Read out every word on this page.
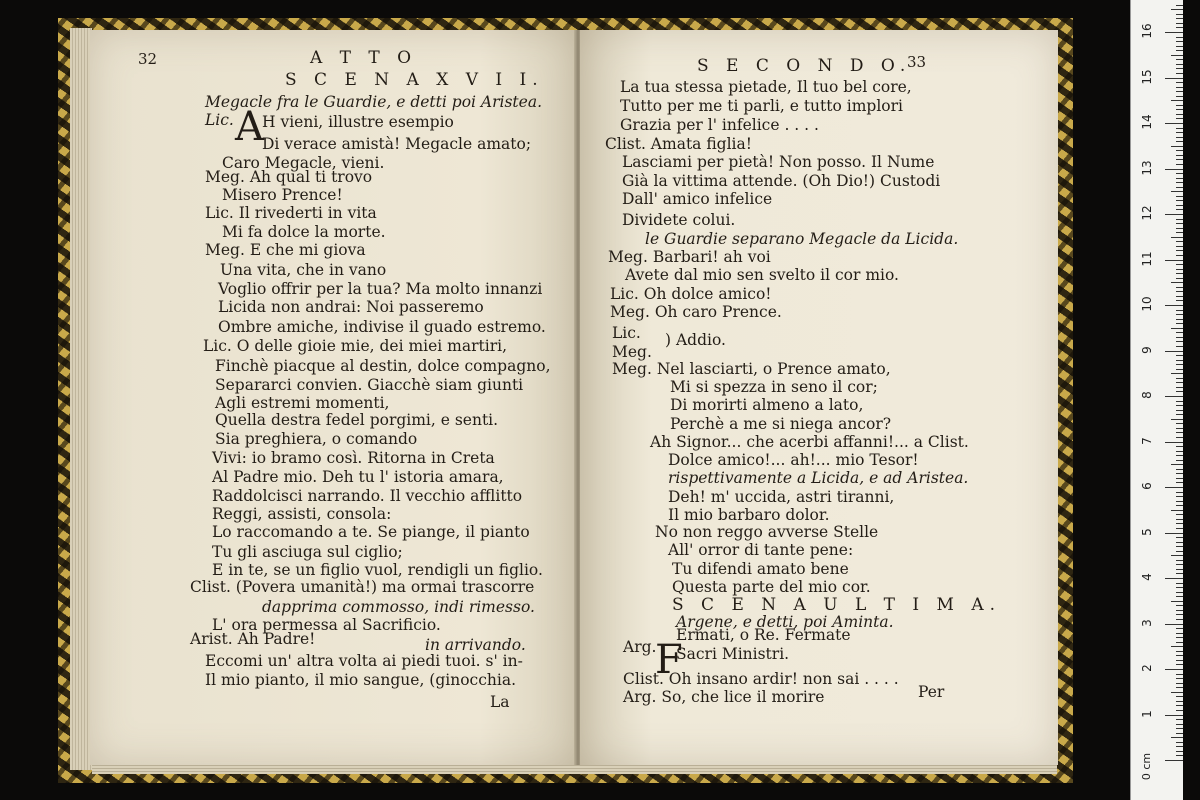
32	A T T O
S C E N A X V I I.
Megacle fra le Guardie, e detti poi Aristea.
Lic. H vieni, illustre esempio
Di verace amistà! Megacle amato;
Caro Megacle, vieni.
Meg. Ah qual ti trovo
Misero Prence!
Lic. Il rivederti in vita
Mi fa dolce la morte.
Meg. E che mi giova
Una vita, che in vano
Voglio offrir per la tua? Ma molto innanzi
Licida non andrai: Noi passeremo
Ombre amiche, indivise il guado estremo.
Lic. O delle gioie mie, dei miei martiri,
Finchè piacque al destin, dolce compagno,
Separarci convien. Giacchè siam giunti
Agli estremi momenti,
Quella destra fedel porgimi, e senti.
Sia preghiera, o comando
Vivi: io bramo così. Ritorna in Creta
Al Padre mio. Deh tu l' istoria amara,
Raddolcisci narrando. Il vecchio afflitto
Reggi, assisti, consola:
Lo raccomando a te. Se piange, il pianto
Tu gli asciuga sul ciglio;
E in te, se un figlio vuol, rendigli un figlio.
Clist. (Povera umanità!) ma ormai trascorre
dapprima commosso, indi rimesso.
L' ora permessa al Sacrificio.
Arist. Ah Padre!	in arrivando.
Eccomi un' altra volta ai piedi tuoi. s' in-
Il mio pianto, il mio sangue, (ginocchia.
La
A
33
S E C O N D O.
La tua stessa pietade, Il tuo bel core,
Tutto per me ti parli, e tutto implori
Grazia per l' infelice . . . .
Clist. Amata figlia!
Lasciami per pietà! Non posso. Il Nume
Già la vittima attende. (Oh Dio!) Custodi
Dall' amico infelice
Dividete colui.
le Guardie separano Megacle da Licida.
Meg. Barbari! ah voi
Avete dal mio sen svelto il cor mio.
Lic. Oh dolce amico!
Meg. Oh caro Prence.
Lic.
Meg.
) Addio.
Meg. Nel lasciarti, o Prence amato,
Mi si spezza in seno il cor;
Di morirti almeno a lato,
Perchè a me si niega ancor?
Ah Signor... che acerbi affanni!... a Clist.
Dolce amico!... ah!... mio Tesor!
rispettivamente a Licida, e ad Aristea.
Deh! m' uccida, astri tiranni,
Il mio barbaro dolor.
No non reggo avverse Stelle
All' orror di tante pene:
Tu difendi amato bene
Questa parte del mio cor.
S C E N A U L T I M A.
Argene, e detti, poi Aminta.
Arg.
Ermati, o Re. Fermate
Sacri Ministri.
Clist. Oh insano ardir! non sai . . . .
Arg. So, che lice il morire	Per
F
0 cm
1
2
3
4
5
6
7
8
9
10
11
12
13
14
15
16
